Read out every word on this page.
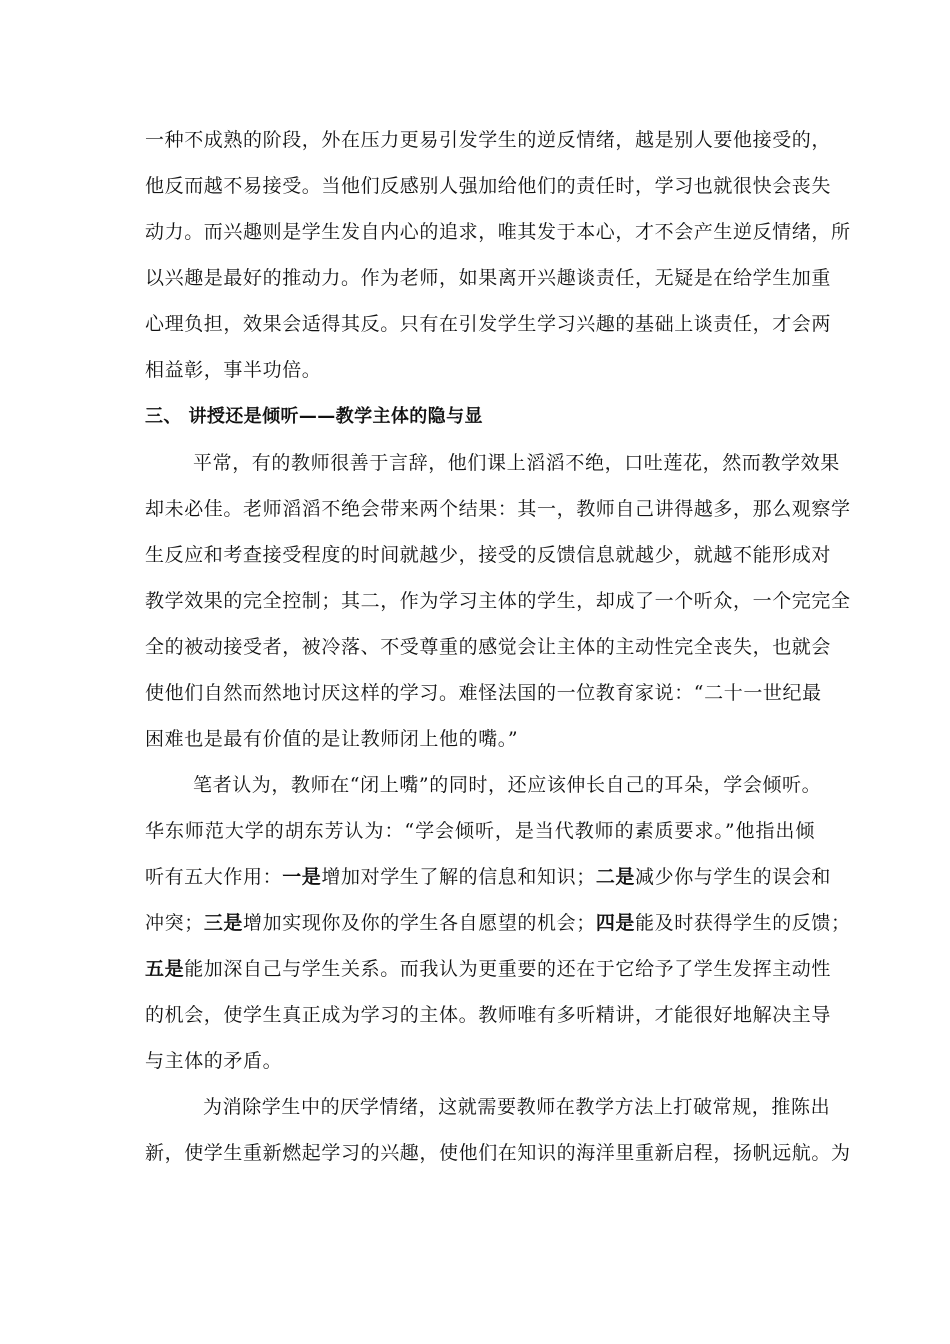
一种不成熟的阶段，外在压力更易引发学生的逆反情绪，越是别人要他接受的，
他反而越不易接受。当他们反感别人强加给他们的责任时，学习也就很快会丧失
动力。而兴趣则是学生发自内心的追求，唯其发于本心，才不会产生逆反情绪，所
以兴趣是最好的推动力。作为老师，如果离开兴趣谈责任，无疑是在给学生加重
心理负担，效果会适得其反。只有在引发学生学习兴趣的基础上谈责任，才会两
相益彰，事半功倍。
三、 讲授还是倾听——教学主体的隐与显
平常，有的教师很善于言辞，他们课上滔滔不绝，口吐莲花，然而教学效果
却未必佳。老师滔滔不绝会带来两个结果：其一，教师自己讲得越多，那么观察学
生反应和考查接受程度的时间就越少，接受的反馈信息就越少，就越不能形成对
教学效果的完全控制；其二，作为学习主体的学生，却成了一个听众，一个完完全
全的被动接受者，被冷落、不受尊重的感觉会让主体的主动性完全丧失，也就会
使他们自然而然地讨厌这样的学习。难怪法国的一位教育家说：“二十一世纪最
困难也是最有价值的是让教师闭上他的嘴。”
笔者认为，教师在“闭上嘴”的同时，还应该伸长自己的耳朵，学会倾听。
华东师范大学的胡东芳认为：“学会倾听，是当代教师的素质要求。”他指出倾
听有五大作用：一是增加对学生了解的信息和知识；二是减少你与学生的误会和
冲突；三是增加实现你及你的学生各自愿望的机会；四是能及时获得学生的反馈；
五是能加深自己与学生关系。而我认为更重要的还在于它给予了学生发挥主动性
的机会，使学生真正成为学习的主体。教师唯有多听精讲，才能很好地解决主导
与主体的矛盾。
为消除学生中的厌学情绪，这就需要教师在教学方法上打破常规，推陈出
新，使学生重新燃起学习的兴趣，使他们在知识的海洋里重新启程，扬帆远航。为
